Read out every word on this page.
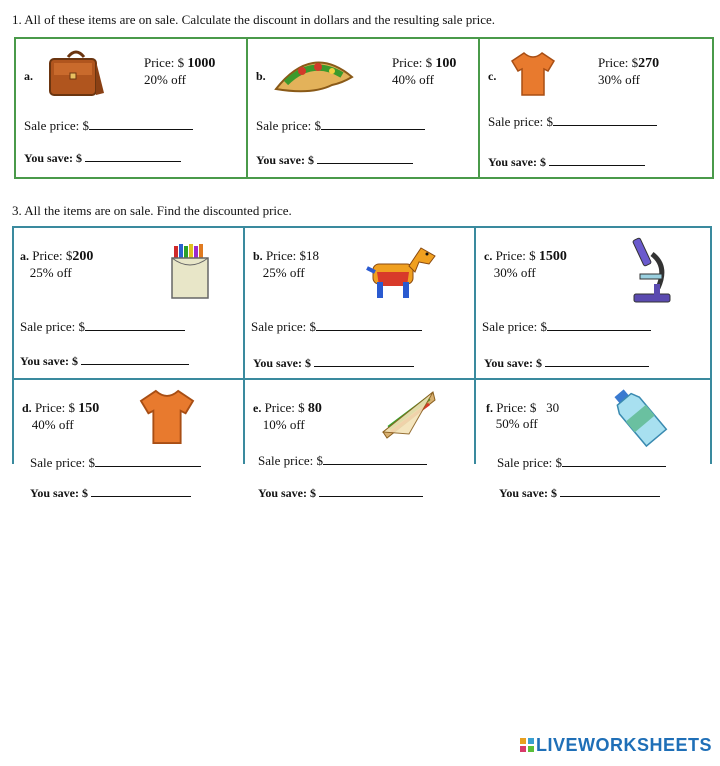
1. All of these items are on sale. Calculate the discount in dollars and the resulting sale price.
a.
Price: $ 1000
20% off
Sale price: $
You save: $
b.
Price: $ 100
40% off
Sale price: $
You save: $
c.
Price: $270
30% off
Sale price: $
You save: $
3. All the items are on sale. Find the discounted price.
a. Price: $200
25% off
Sale price: $
You save: $
b. Price: $18
25% off
Sale price: $
You save: $
c. Price: $ 1500
30% off
Sale price: $
You save: $
d. Price: $ 150
40% off
e. Price: $ 80
10% off
f. Price: $ 30
50% off
Sale price: $
You save: $
Sale price: $
You save: $
Sale price: $
You save: $
LIVEWORKSHEETS
